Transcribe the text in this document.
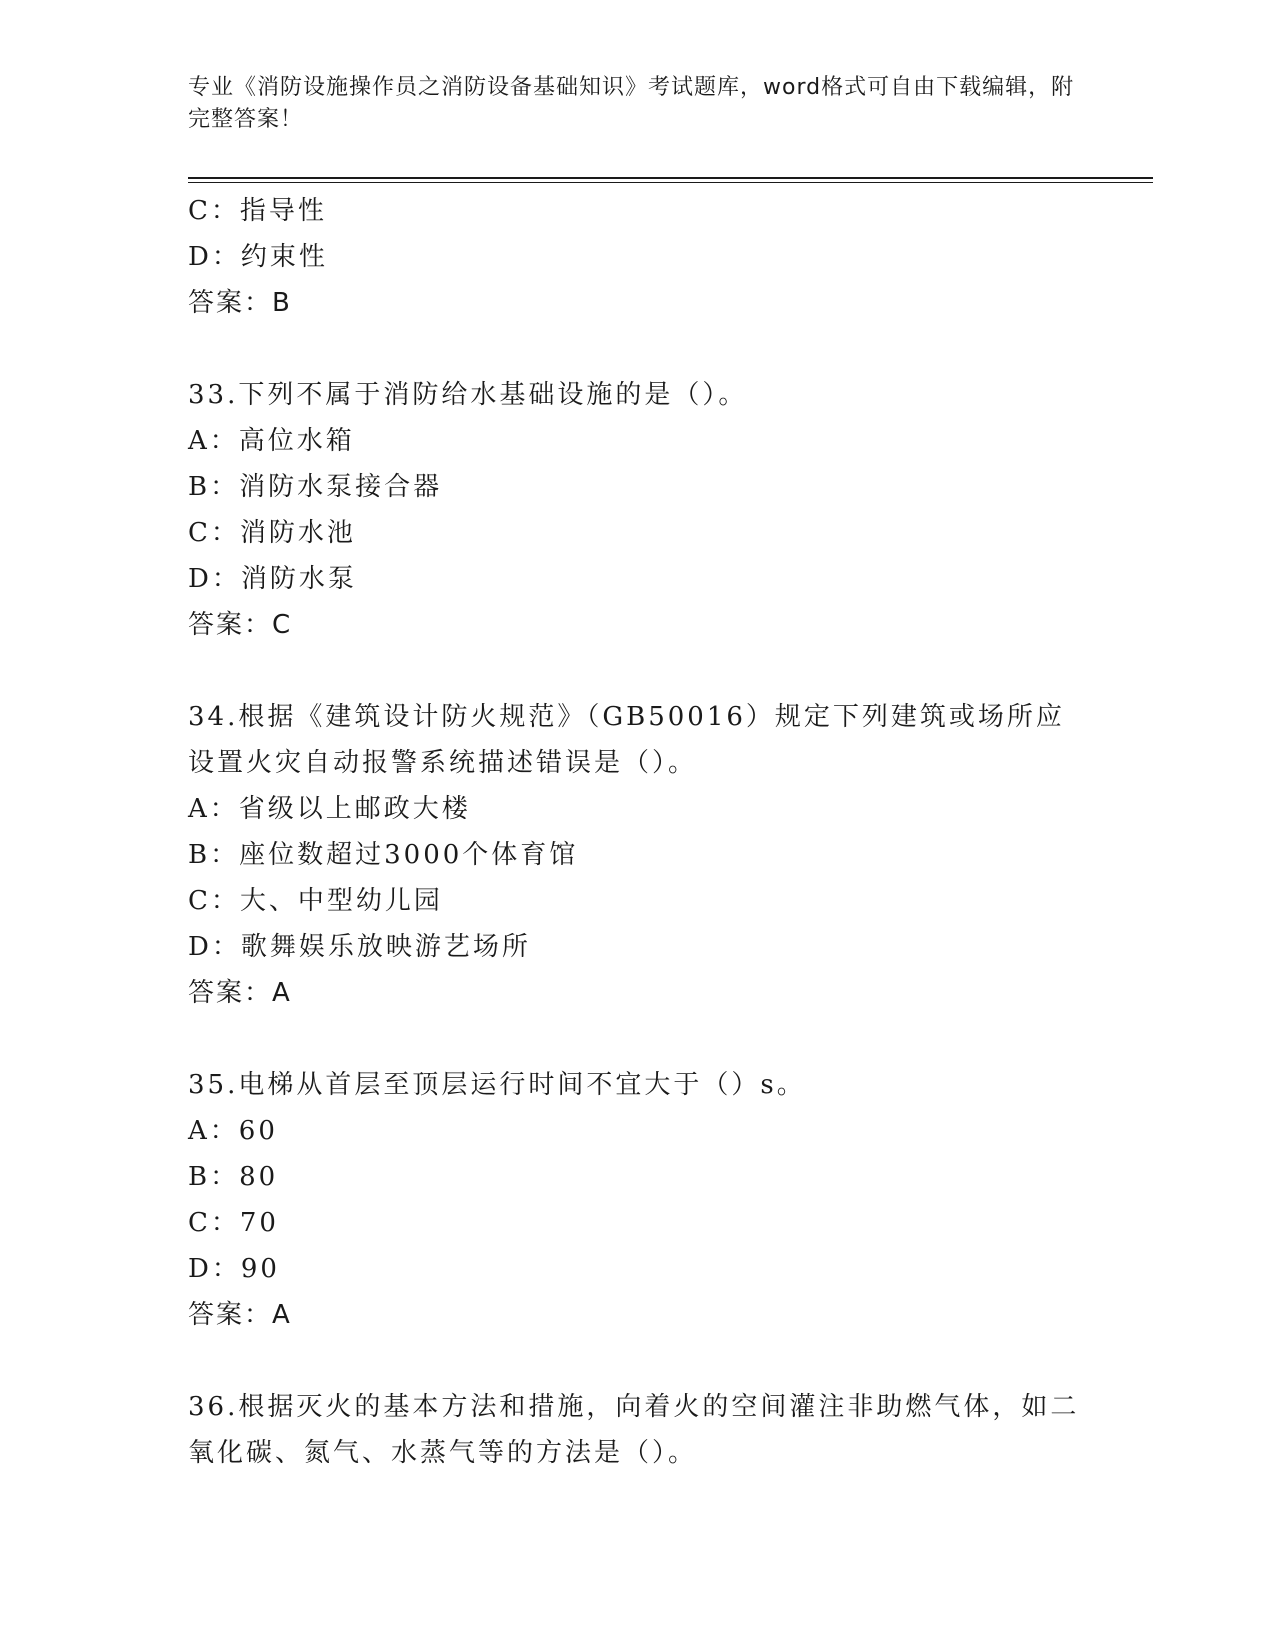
专业《消防设施操作员之消防设备基础知识》考试题库，word格式可自由下载编辑，附完整答案！
C：指导性
D：约束性
答案：B
33.下列不属于消防给水基础设施的是（）。
A：高位水箱
B：消防水泵接合器
C：消防水池
D：消防水泵
答案：C
34.根据《建筑设计防火规范》（GB50016）规定下列建筑或场所应设置火灾自动报警系统描述错误是（）。
A：省级以上邮政大楼
B：座位数超过3000个体育馆
C：大、中型幼儿园
D：歌舞娱乐放映游艺场所
答案：A
35.电梯从首层至顶层运行时间不宜大于（）s。
A：60
B：80
C：70
D：90
答案：A
36.根据灭火的基本方法和措施，向着火的空间灌注非助燃气体，如二氧化碳、氮气、水蒸气等的方法是（）。
